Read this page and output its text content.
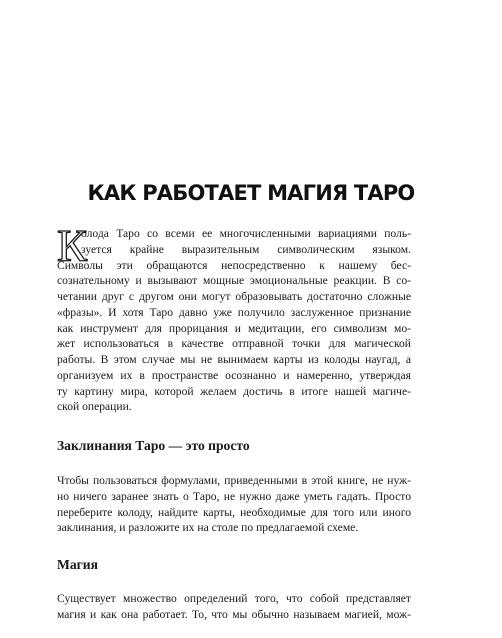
КАК РАБОТАЕТ МАГИЯ ТАРО

К
олода Таро со всеми ее многочисленными вариациями поль-
зуется крайне выразительным символическим языком.
Символы эти обращаются непосредственно к нашему бес-
сознательному и вызывают мощные эмоциональные реакции. В со-
четании друг с другом они могут образовывать достаточно сложные
«фразы». И хотя Таро давно уже получило заслуженное признание
как инструмент для прорицания и медитации, его символизм мо-
жет использоваться в качестве отправной точки для магической
работы. В этом случае мы не вынимаем карты из колоды наугад, а
организуем их в пространстве осознанно и намеренно, утверждая
ту картину мира, которой желаем достичь в итоге нашей магиче-
ской операции.

Заклинания Таро — это просто

Чтобы пользоваться формулами, приведенными в этой книге, не нуж-
но ничего заранее знать о Таро, не нужно даже уметь гадать. Просто
переберите колоду, найдите карты, необходимые для того или иного
заклинания, и разложите их на столе по предлагаемой схеме.

Магия

Существует множество определений того, что собой представляет
магия и как она работает. То, что мы обычно называем магией, мож-
